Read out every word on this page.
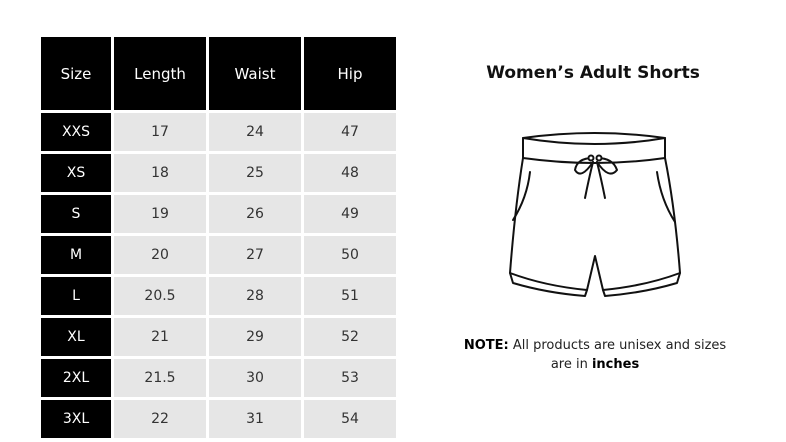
Size	Length	Waist	Hip
XXS	17	24	47
XS	18	25	48
S	19	26	49
M	20	27	50
L	20.5	28	51
XL	21	29	52
2XL	21.5	30	53
3XL	22	31	54
Women’s Adult Shorts
NOTE: All products are unisex and sizes are in inches
